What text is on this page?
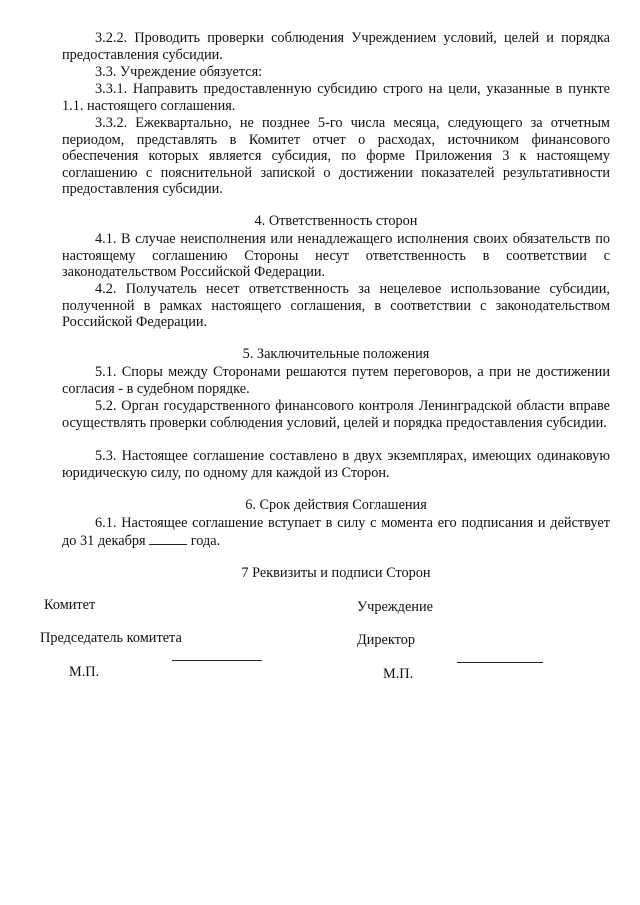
3.2.2. Проводить проверки соблюдения Учреждением условий, целей и порядка предоставления субсидии.

3.3. Учреждение обязуется:

3.3.1. Направить предоставленную субсидию строго на цели, указанные в пункте 1.1. настоящего соглашения.

3.3.2. Ежеквартально, не позднее 5-го числа месяца, следующего за отчетным периодом, представлять в Комитет отчет о расходах, источником финансового обеспечения которых является субсидия, по форме Приложения 3 к настоящему соглашению с пояснительной запиской о достижении показателей результативности предоставления субсидии.

4. Ответственность сторон

4.1. В случае неисполнения или ненадлежащего исполнения своих обязательств по настоящему соглашению Стороны несут ответственность в соответствии с законодательством Российской Федерации.

4.2. Получатель несет ответственность за нецелевое использование субсидии, полученной в рамках настоящего соглашения, в соответствии с законодательством Российской Федерации.

5. Заключительные положения

5.1. Споры между Сторонами решаются путем переговоров, а при не достижении согласия - в судебном порядке.

5.2. Орган государственного финансового контроля Ленинградской области вправе осуществлять проверки соблюдения условий, целей и порядка предоставления субсидии.

5.3. Настоящее соглашение составлено в двух экземплярах, имеющих одинаковую юридическую силу, по одному для каждой из Сторон.

6. Срок действия Соглашения

6.1. Настоящее соглашение вступает в силу с момента его подписания и действует до 31 декабря	года.

7 Реквизиты и подписи Сторон

Комитет	Учреждение
Председатель комитета	Директор
М.П.	М.П.
